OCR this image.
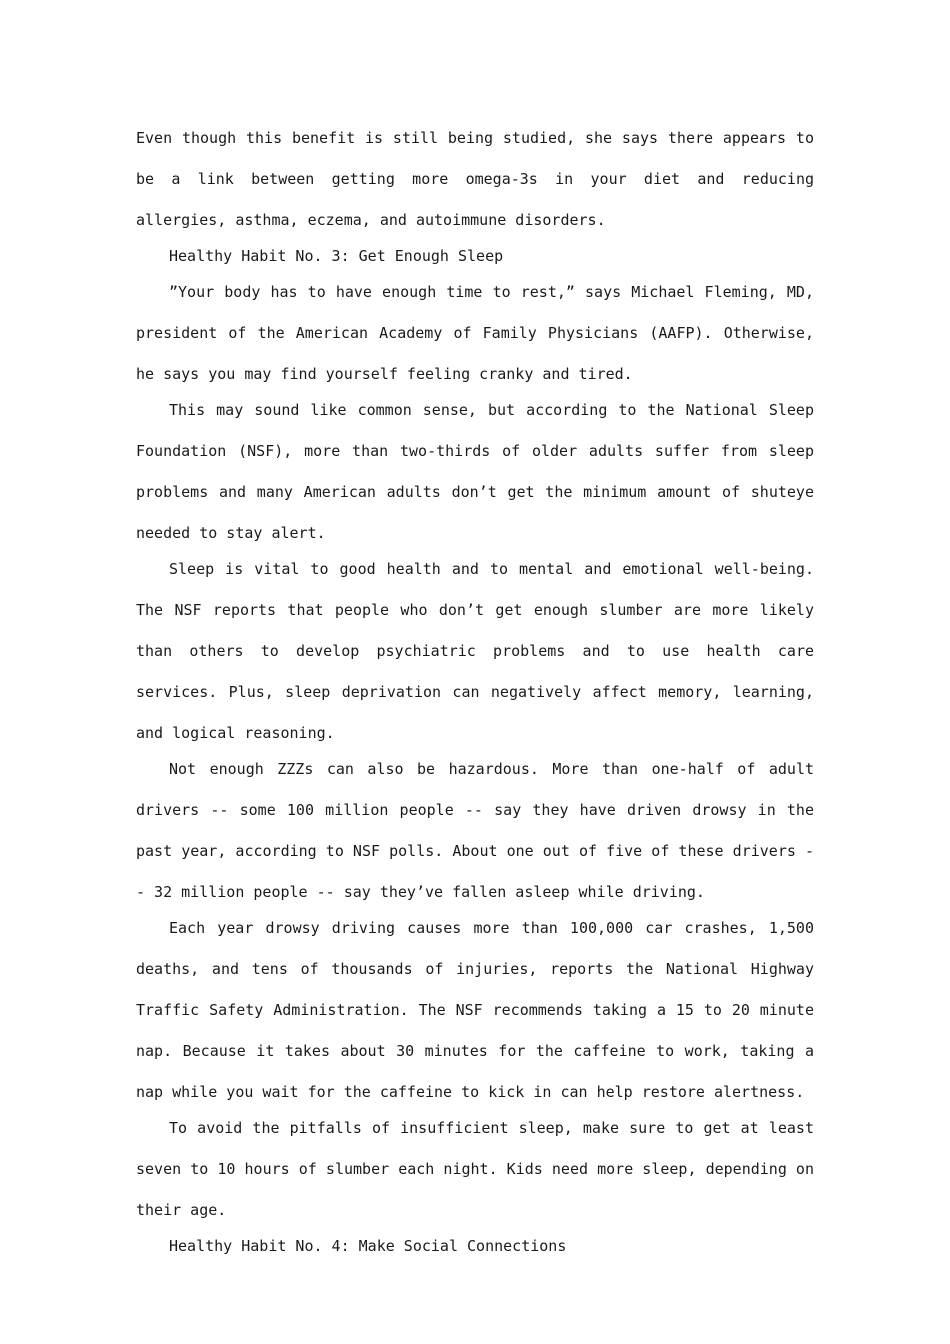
Even though this benefit is still being studied, she says there appears to be a link between getting more omega-3s in your diet and reducing allergies, asthma, eczema, and autoimmune disorders.

Healthy Habit No. 3: Get Enough Sleep

”Your body has to have enough time to rest,” says Michael Fleming, MD, president of the American Academy of Family Physicians (AAFP). Otherwise, he says you may find yourself feeling cranky and tired.

This may sound like common sense, but according to the National Sleep Foundation (NSF), more than two-thirds of older adults suffer from sleep problems and many American adults don’t get the minimum amount of shuteye needed to stay alert.

Sleep is vital to good health and to mental and emotional well-being. The NSF reports that people who don’t get enough slumber are more likely than others to develop psychiatric problems and to use health care services. Plus, sleep deprivation can negatively affect memory, learning, and logical reasoning.

Not enough ZZZs can also be hazardous. More than one-half of adult drivers -- some 100 million people -- say they have driven drowsy in the past year, according to NSF polls. About one out of five of these drivers -- 32 million people -- say they’ve fallen asleep while driving.

Each year drowsy driving causes more than 100,000 car crashes, 1,500 deaths, and tens of thousands of injuries, reports the National Highway Traffic Safety Administration. The NSF recommends taking a 15 to 20 minute nap. Because it takes about 30 minutes for the caffeine to work, taking a nap while you wait for the caffeine to kick in can help restore alertness.

To avoid the pitfalls of insufficient sleep, make sure to get at least seven to 10 hours of slumber each night. Kids need more sleep, depending on their age.

Healthy Habit No. 4: Make Social Connections
